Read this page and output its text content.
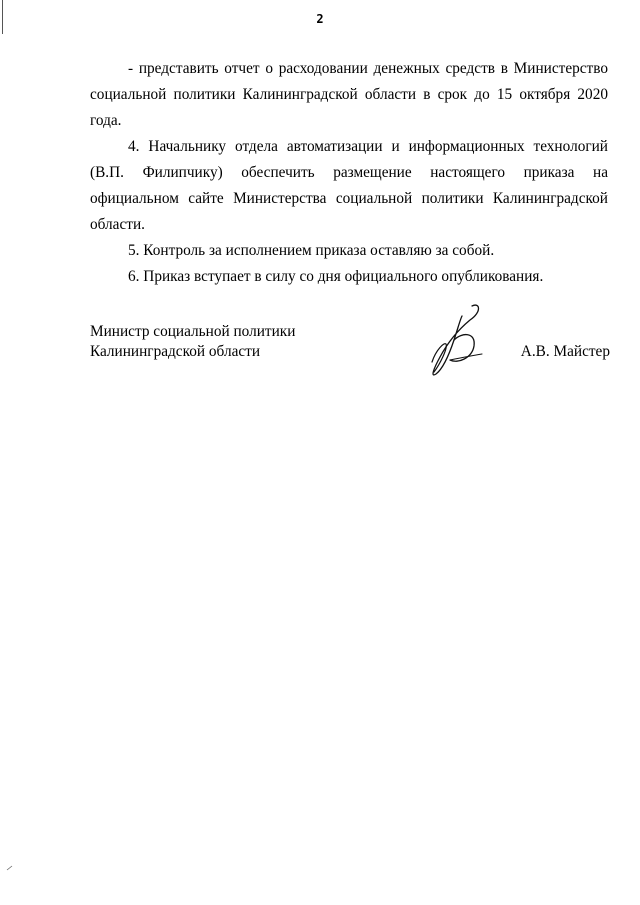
2

- представить отчет о расходовании денежных средств в Министерство социальной политики Калининградской области в срок до 15 октября 2020 года.

4. Начальнику отдела автоматизации и информационных технологий (В.П. Филипчику) обеспечить размещение настоящего приказа на официальном сайте Министерства социальной политики Калининградской области.

5. Контроль за исполнением приказа оставляю за собой.

6. Приказ вступает в силу со дня официального опубликования.

Министр социальной политики
Калининградской области	А.В. Майстер
